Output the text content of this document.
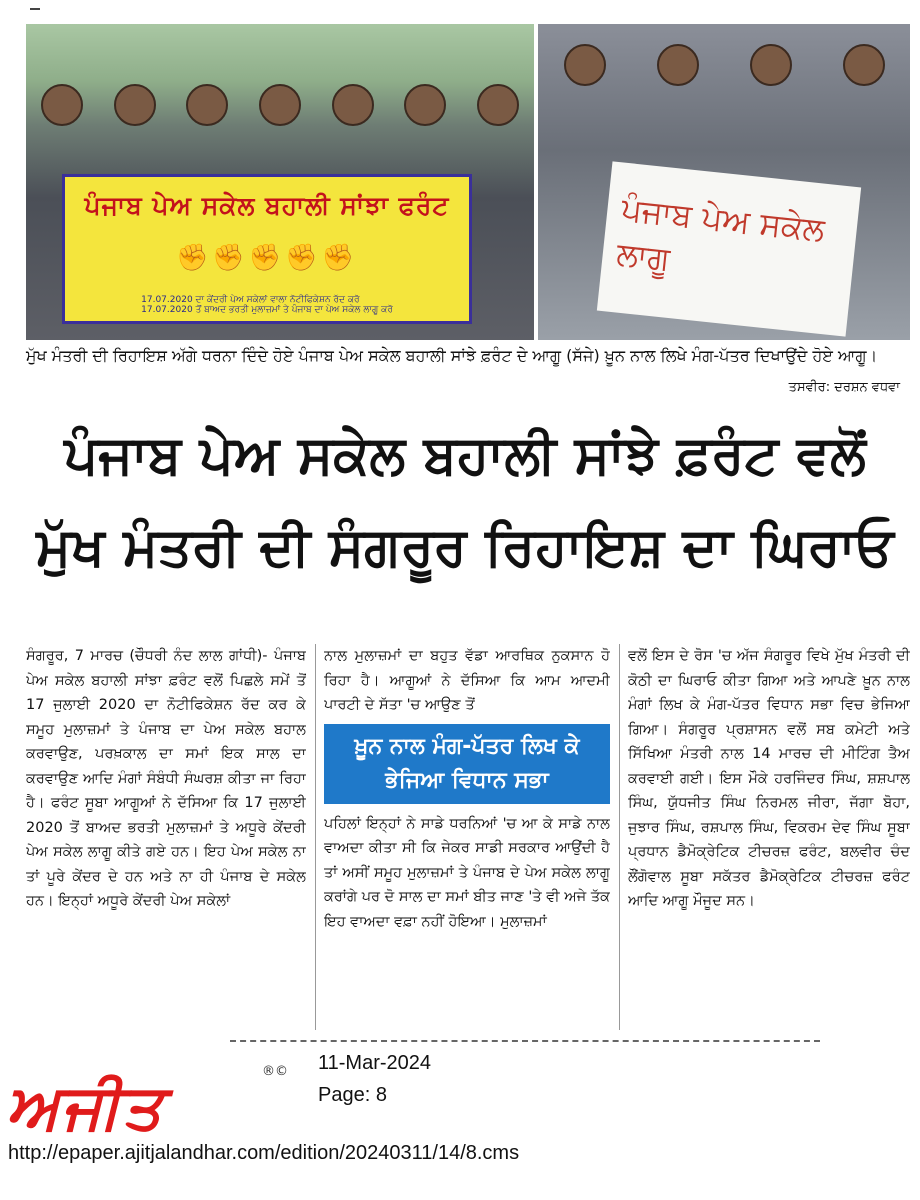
ਪੰਜਾਬ ਪੇਅ ਸਕੇਲ ਬਹਾਲੀ ਸਾਂਝਾ ਫਰੰਟ
✊✊✊✊✊
17.07.2020 ਦਾ ਕੇਂਦਰੀ ਪੇਅ ਸਕੇਲਾਂ ਵਾਲਾ ਨੋਟੀਫਿਕੇਸ਼ਨ ਰੱਦ ਕਰੋ
17.07.2020 ਤੋਂ ਬਾਅਦ ਭਰਤੀ ਮੁਲਾਜ਼ਮਾਂ ਤੇ ਪੰਜਾਬ ਦਾ ਪੇਅ ਸਕੇਲ ਲਾਗੂ ਕਰੋ
ਪੰਜਾਬ ਪੇਅ ਸਕੇਲ ਲਾਗੂ
ਮੁੱਖ ਮੰਤਰੀ ਦੀ ਰਿਹਾਇਸ਼ ਅੱਗੇ ਧਰਨਾ ਦਿੰਦੇ ਹੋਏ ਪੰਜਾਬ ਪੇਅ ਸਕੇਲ ਬਹਾਲੀ ਸਾਂਝੇ ਫ਼ਰੰਟ ਦੇ ਆਗੂ (ਸੱਜੇ) ਖ਼ੂਨ ਨਾਲ ਲਿਖੇ ਮੰਗ-ਪੱਤਰ ਦਿਖਾਉਂਦੇ ਹੋਏ ਆਗੂ।
ਤਸਵੀਰ: ਦਰਸ਼ਨ ਵਧਵਾ
ਪੰਜਾਬ ਪੇਅ ਸਕੇਲ ਬਹਾਲੀ ਸਾਂਝੇ ਫ਼ਰੰਟ ਵਲੋਂ
ਮੁੱਖ ਮੰਤਰੀ ਦੀ ਸੰਗਰੂਰ ਰਿਹਾਇਸ਼ ਦਾ ਘਿਰਾਓ
ਸੰਗਰੂਰ, 7 ਮਾਰਚ (ਚੌਧਰੀ ਨੰਦ ਲਾਲ ਗਾਂਧੀ)- ਪੰਜਾਬ ਪੇਅ ਸਕੇਲ ਬਹਾਲੀ ਸਾਂਝਾ ਫ਼ਰੰਟ ਵਲੋਂ ਪਿਛਲੇ ਸਮੇਂ ਤੋਂ 17 ਜੁਲਾਈ 2020 ਦਾ ਨੋਟੀਫਿਕੇਸ਼ਨ ਰੱਦ ਕਰ ਕੇ ਸਮੂਹ ਮੁਲਾਜ਼ਮਾਂ ਤੇ ਪੰਜਾਬ ਦਾ ਪੇਅ ਸਕੇਲ ਬਹਾਲ ਕਰਵਾਉਣ, ਪਰਖ਼ਕਾਲ ਦਾ ਸਮਾਂ ਇਕ ਸਾਲ ਦਾ ਕਰਵਾਉਣ ਆਦਿ ਮੰਗਾਂ ਸੰਬੰਧੀ ਸੰਘਰਸ਼ ਕੀਤਾ ਜਾ ਰਿਹਾ ਹੈ। ਫਰੰਟ ਸੂਬਾ ਆਗੂਆਂ ਨੇ ਦੱਸਿਆ ਕਿ 17 ਜੁਲਾਈ 2020 ਤੋਂ ਬਾਅਦ ਭਰਤੀ ਮੁਲਾਜ਼ਮਾਂ ਤੇ ਅਧੂਰੇ ਕੇਂਦਰੀ ਪੇਅ ਸਕੇਲ ਲਾਗੂ ਕੀਤੇ ਗਏ ਹਨ। ਇਹ ਪੇਅ ਸਕੇਲ ਨਾ ਤਾਂ ਪੂਰੇ ਕੇਂਦਰ ਦੇ ਹਨ ਅਤੇ ਨਾ ਹੀ ਪੰਜਾਬ ਦੇ ਸਕੇਲ ਹਨ। ਇਨ੍ਹਾਂ ਅਧੂਰੇ ਕੇਂਦਰੀ ਪੇਅ ਸਕੇਲਾਂ
ਨਾਲ ਮੁਲਾਜ਼ਮਾਂ ਦਾ ਬਹੁਤ ਵੱਡਾ ਆਰਥਿਕ ਨੁਕਸਾਨ ਹੋ ਰਿਹਾ ਹੈ। ਆਗੂਆਂ ਨੇ ਦੱਸਿਆ ਕਿ ਆਮ ਆਦਮੀ ਪਾਰਟੀ ਦੇ ਸੱਤਾ 'ਚ ਆਉਣ ਤੋਂ
ਖ਼ੂਨ ਨਾਲ ਮੰਗ-ਪੱਤਰ ਲਿਖ ਕੇ ਭੇਜਿਆ ਵਿਧਾਨ ਸਭਾ
ਪਹਿਲਾਂ ਇਨ੍ਹਾਂ ਨੇ ਸਾਡੇ ਧਰਨਿਆਂ 'ਚ ਆ ਕੇ ਸਾਡੇ ਨਾਲ ਵਾਅਦਾ ਕੀਤਾ ਸੀ ਕਿ ਜੇਕਰ ਸਾਡੀ ਸਰਕਾਰ ਆਉਂਦੀ ਹੈ ਤਾਂ ਅਸੀਂ ਸਮੂਹ ਮੁਲਾਜ਼ਮਾਂ ਤੇ ਪੰਜਾਬ ਦੇ ਪੇਅ ਸਕੇਲ ਲਾਗੂ ਕਰਾਂਗੇ ਪਰ ਦੋ ਸਾਲ ਦਾ ਸਮਾਂ ਬੀਤ ਜਾਣ 'ਤੇ ਵੀ ਅਜੇ ਤੱਕ ਇਹ ਵਾਅਦਾ ਵਫ਼ਾ ਨਹੀਂ ਹੋਇਆ। ਮੁਲਾਜ਼ਮਾਂ
ਵਲੋਂ ਇਸ ਦੇ ਰੋਸ 'ਚ ਅੱਜ ਸੰਗਰੂਰ ਵਿਖੇ ਮੁੱਖ ਮੰਤਰੀ ਦੀ ਕੋਠੀ ਦਾ ਘਿਰਾਓ ਕੀਤਾ ਗਿਆ ਅਤੇ ਆਪਣੇ ਖ਼ੂਨ ਨਾਲ ਮੰਗਾਂ ਲਿਖ ਕੇ ਮੰਗ-ਪੱਤਰ ਵਿਧਾਨ ਸਭਾ ਵਿਚ ਭੇਜਿਆ ਗਿਆ। ਸੰਗਰੂਰ ਪ੍ਰਸ਼ਾਸਨ ਵਲੋਂ ਸਬ ਕਮੇਟੀ ਅਤੇ ਸਿੱਖਿਆ ਮੰਤਰੀ ਨਾਲ 14 ਮਾਰਚ ਦੀ ਮੀਟਿੰਗ ਤੈਅ ਕਰਵਾਈ ਗਈ। ਇਸ ਮੌਕੇ ਹਰਜਿੰਦਰ ਸਿੰਘ, ਸ਼ਸ਼ਪਾਲ ਸਿੰਘ, ਯੁੱਧਜੀਤ ਸਿੰਘ ਨਿਰਮਲ ਜੀਰਾ, ਜੱਗਾ ਬੋਹਾ, ਜੁਝਾਰ ਸਿੰਘ, ਰਸ਼ਪਾਲ ਸਿੰਘ, ਵਿਕਰਮ ਦੇਵ ਸਿੰਘ ਸੂਬਾ ਪ੍ਰਧਾਨ ਡੈਮੋਕ੍ਰੇਟਿਕ ਟੀਚਰਜ਼ ਫਰੰਟ, ਬਲਵੀਰ ਚੰਦ ਲੌਂਗੋਵਾਲ ਸੂਬਾ ਸਕੱਤਰ ਡੈਮੋਕ੍ਰੇਟਿਕ ਟੀਚਰਜ਼ ਫਰੰਟ ਆਦਿ ਆਗੂ ਮੌਜੂਦ ਸਨ।
ਅਜੀਤ	®© 11-Mar-2024
Page: 8
http://epaper.ajitjalandhar.com/edition/20240311/14/8.cms
